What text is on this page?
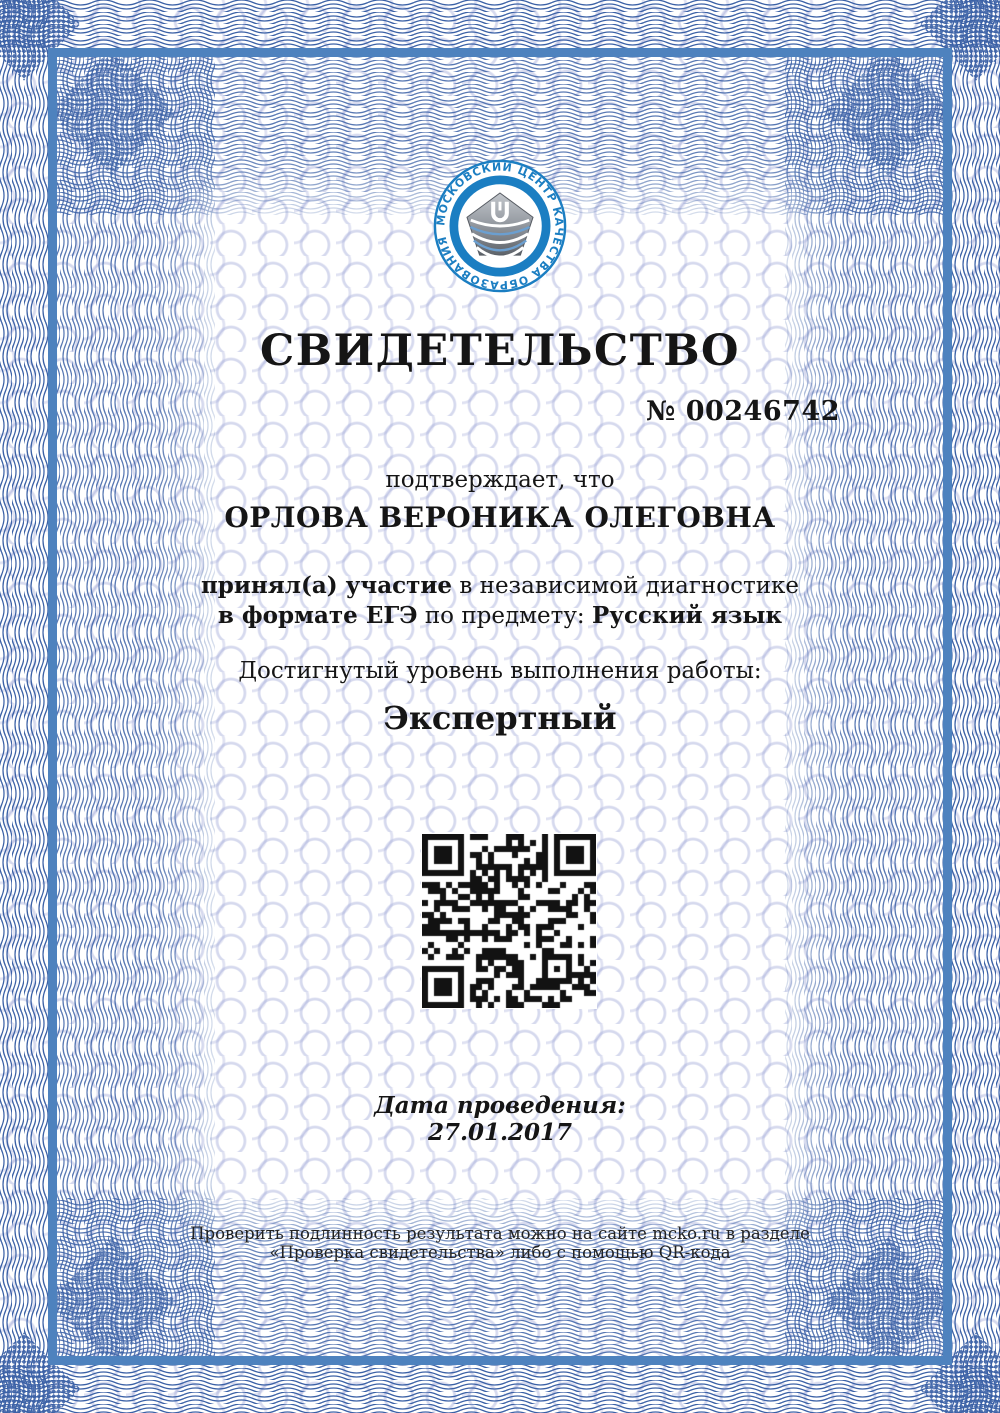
МОСКОВСКИЙ ЦЕНТР КАЧЕСТВА ОБРАЗОВАНИЯ
СВИДЕТЕЛЬСТВО
№ 00246742
подтверждает, что
ОРЛОВА ВЕРОНИКА ОЛЕГОВНА
принял(а) участие в независимой диагностике
в формате ЕГЭ по предмету: Русский язык
Достигнутый уровень выполнения работы:
Экспертный
Дата проведения:
27.01.2017
Проверить подлинность результата можно на сайте mcko.ru в разделе
«Проверка свидетельства» либо с помощью QR-кода
